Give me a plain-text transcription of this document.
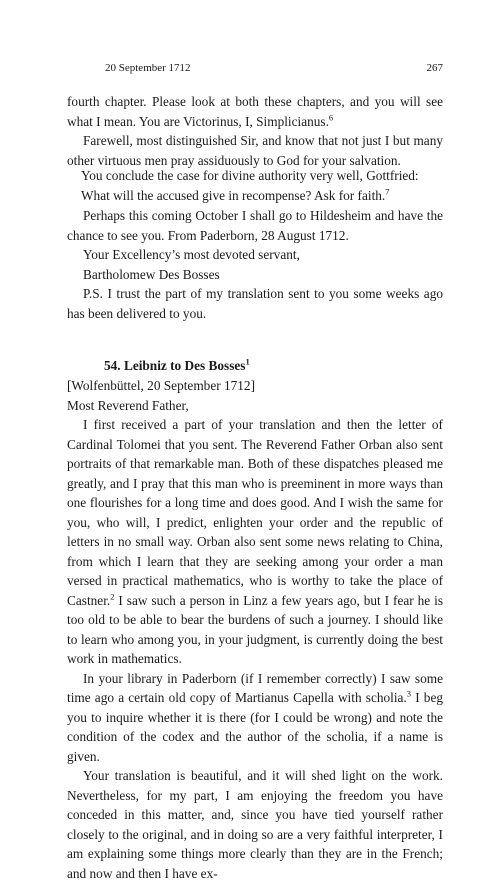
20 September 1712	267

fourth chapter. Please look at both these chapters, and you will see what I mean. You are Victorinus, I, Simplicianus.$^6$

Farewell, most distinguished Sir, and know that not just I but many other virtuous men pray assiduously to God for your salvation.

You conclude the case for divine authority very well, Gottfried:
What will the accused give in recompense? Ask for faith.$^7$

Perhaps this coming October I shall go to Hildesheim and have the chance to see you. From Paderborn, 28 August 1712.

Your Excellency’s most devoted servant,
Bartholomew Des Bosses

P.S. I trust the part of my translation sent to you some weeks ago has been delivered to you.

54. Leibniz to Des Bosses$^1$

[Wolfenbüttel, 20 September 1712]

Most Reverend Father,

I first received a part of your translation and then the letter of Cardinal Tolomei that you sent. The Reverend Father Orban also sent portraits of that remarkable man. Both of these dispatches pleased me greatly, and I pray that this man who is preeminent in more ways than one flourishes for a long time and does good. And I wish the same for you, who will, I predict, enlighten your order and the republic of letters in no small way. Orban also sent some news relating to China, from which I learn that they are seeking among your order a man versed in practical mathematics, who is worthy to take the place of Castner.$^2$ I saw such a person in Linz a few years ago, but I fear he is too old to be able to bear the burdens of such a journey. I should like to learn who among you, in your judgment, is currently doing the best work in mathematics.

In your library in Paderborn (if I remember correctly) I saw some time ago a certain old copy of Martianus Capella with scholia.$^3$ I beg you to inquire whether it is there (for I could be wrong) and note the condition of the codex and the author of the scholia, if a name is given.

Your translation is beautiful, and it will shed light on the work. Nevertheless, for my part, I am enjoying the freedom you have conceded in this matter, and, since you have tied yourself rather closely to the original, and in doing so are a very faithful interpreter, I am explaining some things more clearly than they are in the French; and now and then I have ex-
